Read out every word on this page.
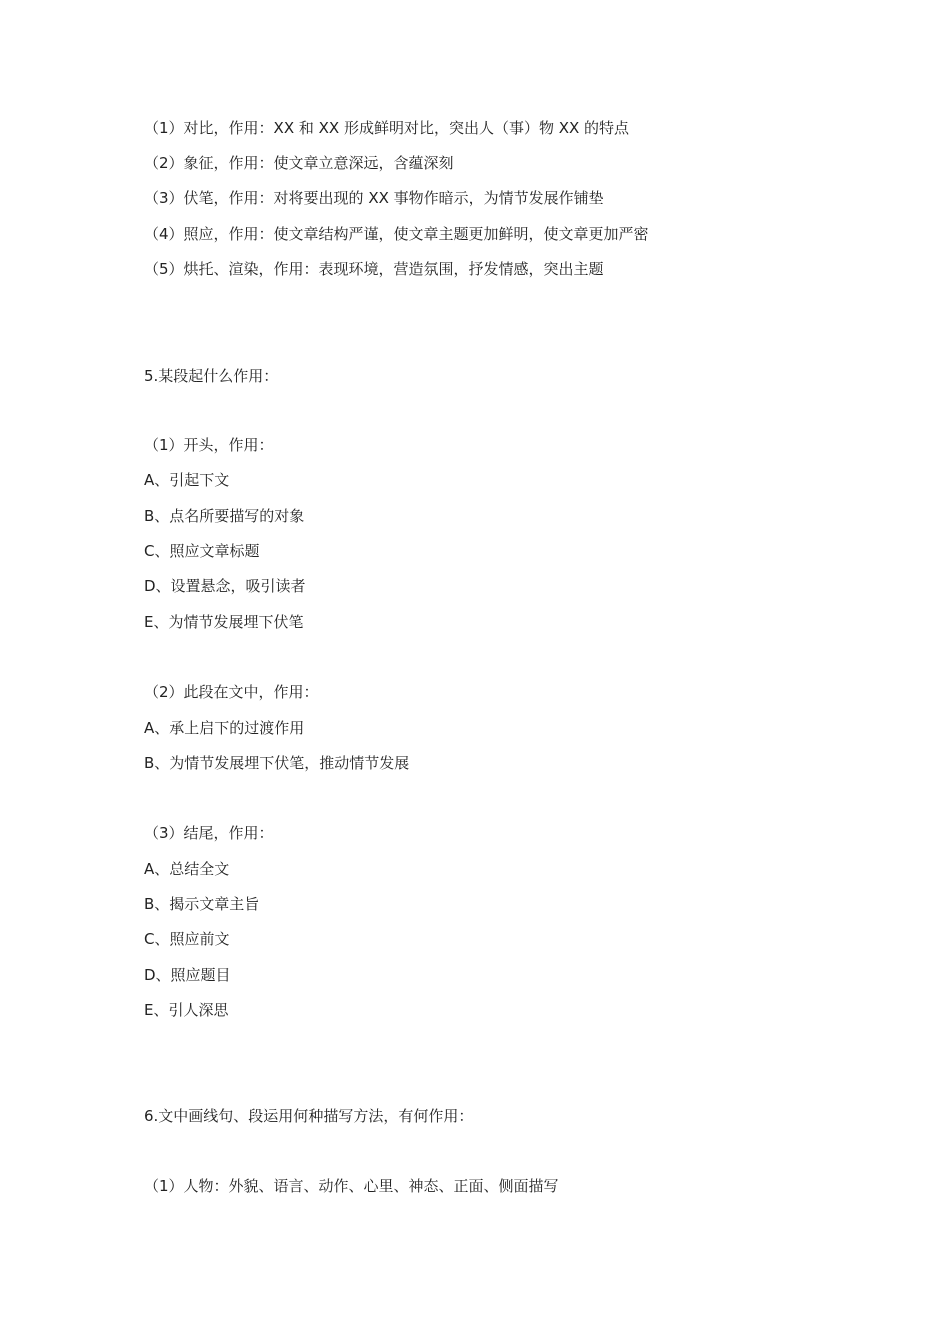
（1）对比，作用：XX 和 XX 形成鲜明对比，突出人（事）物 XX 的特点
（2）象征，作用：使文章立意深远，含蕴深刻
（3）伏笔，作用：对将要出现的 XX 事物作暗示，为情节发展作铺垫
（4）照应，作用：使文章结构严谨，使文章主题更加鲜明，使文章更加严密
（5）烘托、渲染，作用：表现环境，营造氛围，抒发情感，突出主题
5.某段起什么作用：
（1）开头，作用：
A、引起下文
B、点名所要描写的对象
C、照应文章标题
D、设置悬念，吸引读者
E、为情节发展埋下伏笔
（2）此段在文中，作用：
A、承上启下的过渡作用
B、为情节发展埋下伏笔，推动情节发展
（3）结尾，作用：
A、总结全文
B、揭示文章主旨
C、照应前文
D、照应题目
E、引人深思
6.文中画线句、段运用何种描写方法，有何作用：
（1）人物：外貌、语言、动作、心里、神态、正面、侧面描写
